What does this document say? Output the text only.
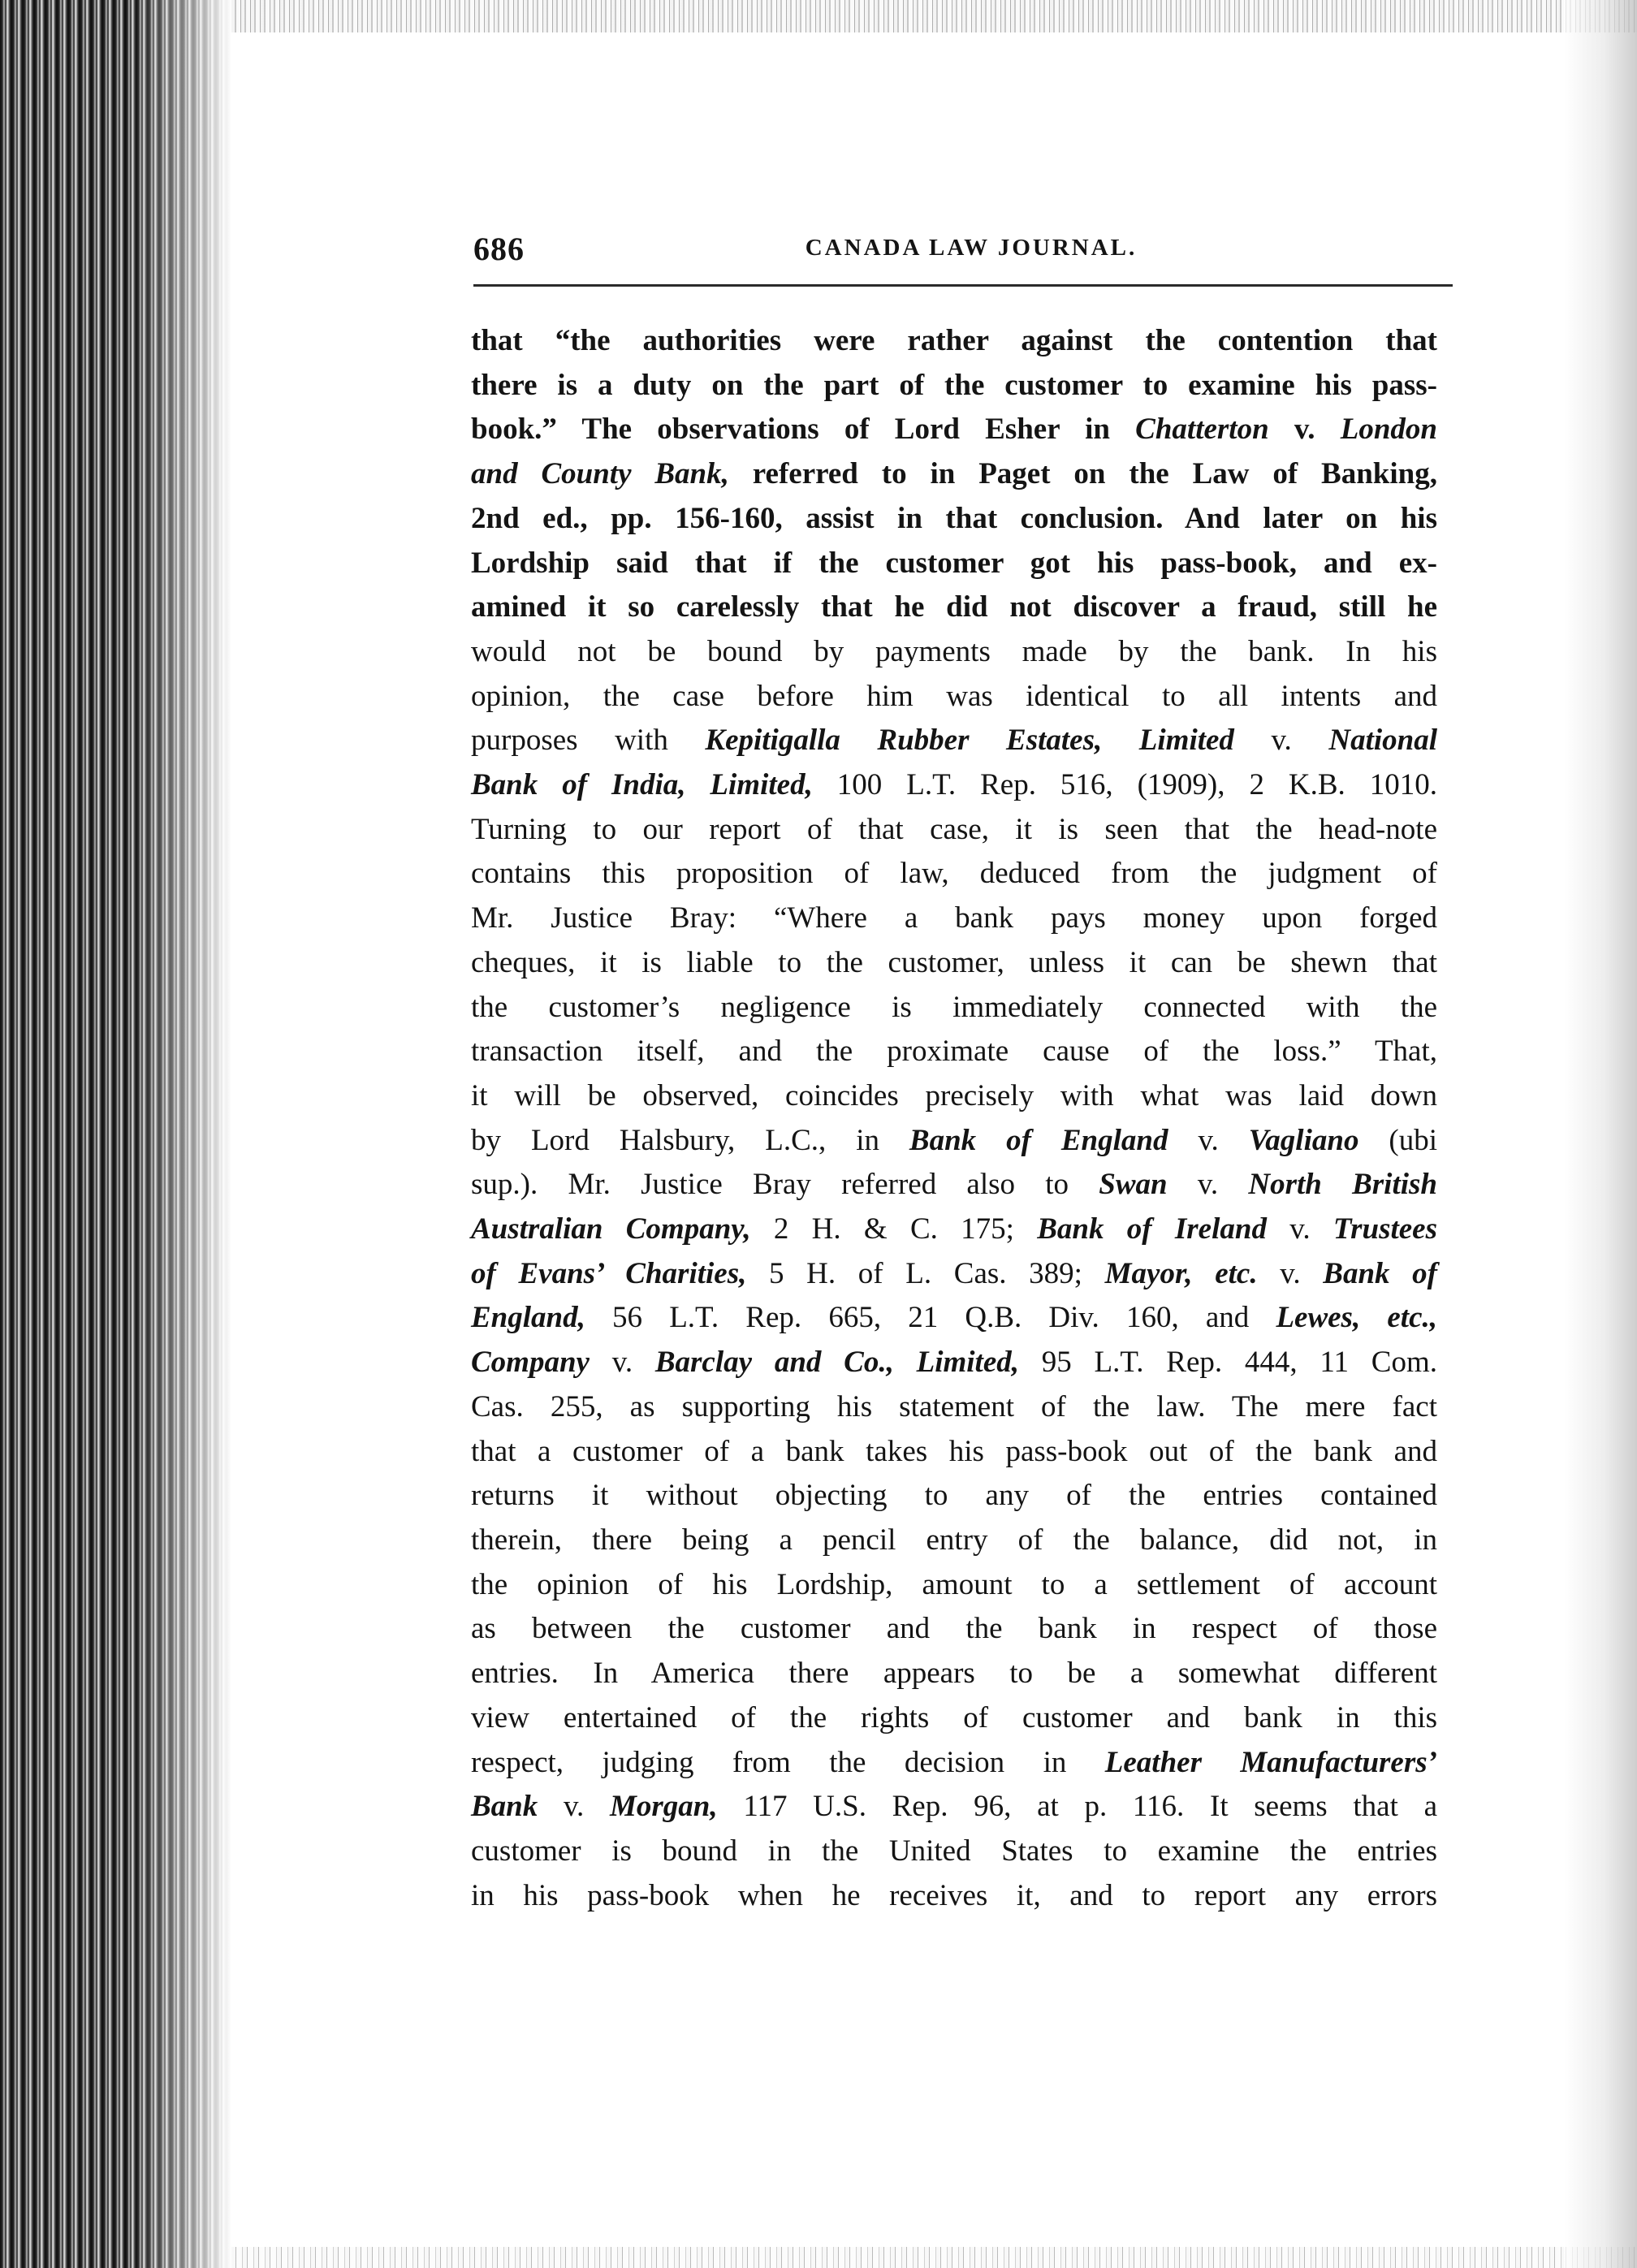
686	CANADA LAW JOURNAL.
that “the authorities were rather against the contention that
there is a duty on the part of the customer to examine his pass-
book.” The observations of Lord Esher in Chatterton v. London
and County Bank, referred to in Paget on the Law of Banking,
2nd ed., pp. 156-160, assist in that conclusion. And later on his
Lordship said that if the customer got his pass-book, and ex-
amined it so carelessly that he did not discover a fraud, still he
would not be bound by payments made by the bank. In his
opinion, the case before him was identical to all intents and
purposes with Kepitigalla Rubber Estates, Limited v. National
Bank of India, Limited, 100 L.T. Rep. 516, (1909), 2 K.B. 1010.
Turning to our report of that case, it is seen that the head-note
contains this proposition of law, deduced from the judgment of
Mr. Justice Bray: “Where a bank pays money upon forged
cheques, it is liable to the customer, unless it can be shewn that
the customer’s negligence is immediately connected with the
transaction itself, and the proximate cause of the loss.” That,
it will be observed, coincides precisely with what was laid down
by Lord Halsbury, L.C., in Bank of England v. Vagliano (ubi
sup.). Mr. Justice Bray referred also to Swan v. North British
Australian Company, 2 H. & C. 175; Bank of Ireland v. Trustees
of Evans’ Charities, 5 H. of L. Cas. 389; Mayor, etc. v. Bank of
England, 56 L.T. Rep. 665, 21 Q.B. Div. 160, and Lewes, etc.,
Company v. Barclay and Co., Limited, 95 L.T. Rep. 444, 11 Com.
Cas. 255, as supporting his statement of the law. The mere fact
that a customer of a bank takes his pass-book out of the bank and
returns it without objecting to any of the entries contained
therein, there being a pencil entry of the balance, did not, in
the opinion of his Lordship, amount to a settlement of account
as between the customer and the bank in respect of those
entries. In America there appears to be a somewhat different
view entertained of the rights of customer and bank in this
respect, judging from the decision in Leather Manufacturers’
Bank v. Morgan, 117 U.S. Rep. 96, at p. 116. It seems that a
customer is bound in the United States to examine the entries
in his pass-book when he receives it, and to report any errors
